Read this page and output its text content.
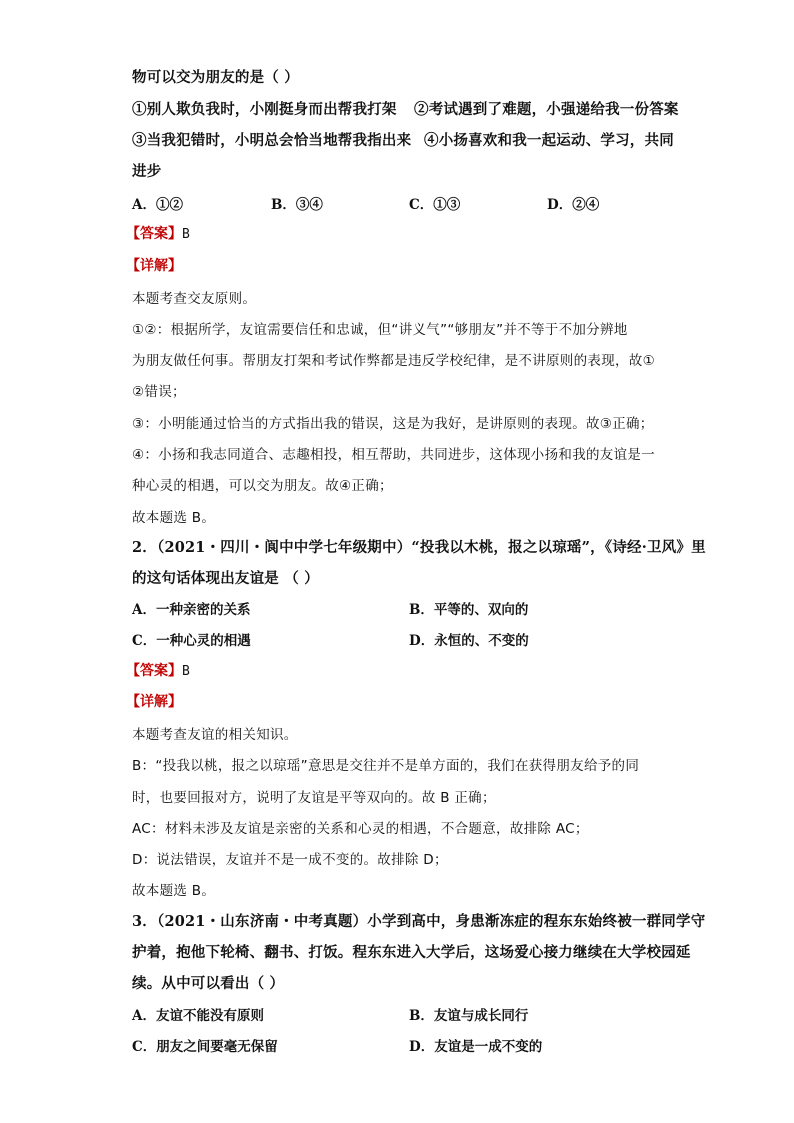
物可以交为朋友的是（ ）
①别人欺负我时，小刚挺身而出帮我打架 ②考试遇到了难题，小强递给我一份答案
③当我犯错时，小明总会恰当地帮我指出来 ④小扬喜欢和我一起运动、学习，共同
进步
A．①②	B．③④	C．①③	D．②④
【答案】B
【详解】
本题考查交友原则。
①②：根据所学，友谊需要信任和忠诚，但“讲义气”“够朋友”并不等于不加分辨地
为朋友做任何事。帮朋友打架和考试作弊都是违反学校纪律，是不讲原则的表现，故①
②错误；
③：小明能通过恰当的方式指出我的错误，这是为我好，是讲原则的表现。故③正确；
④：小扬和我志同道合、志趣相投，相互帮助，共同进步，这体现小扬和我的友谊是一
种心灵的相遇，可以交为朋友。故④正确；
故本题选 B。
2．（2021・四川・阆中中学七年级期中）“投我以木桃，报之以琼瑶”，《诗经·卫风》里
的这句话体现出友谊是 （ ）
A．一种亲密的关系	B．平等的、双向的
C．一种心灵的相遇	D．永恒的、不变的
【答案】B
【详解】
本题考查友谊的相关知识。
B：“投我以桃，报之以琼瑶”意思是交往并不是单方面的，我们在获得朋友给予的同
时，也要回报对方，说明了友谊是平等双向的。故 B 正确；
AC：材料未涉及友谊是亲密的关系和心灵的相遇，不合题意，故排除 AC；
D：说法错误，友谊并不是一成不变的。故排除 D；
故本题选 B。
3．（2021・山东济南・中考真题）小学到高中，身患渐冻症的程东东始终被一群同学守
护着，抱他下轮椅、翻书、打饭。程东东进入大学后，这场爱心接力继续在大学校园延
续。从中可以看出（ ）
A．友谊不能没有原则	B．友谊与成长同行
C．朋友之间要毫无保留	D．友谊是一成不变的
